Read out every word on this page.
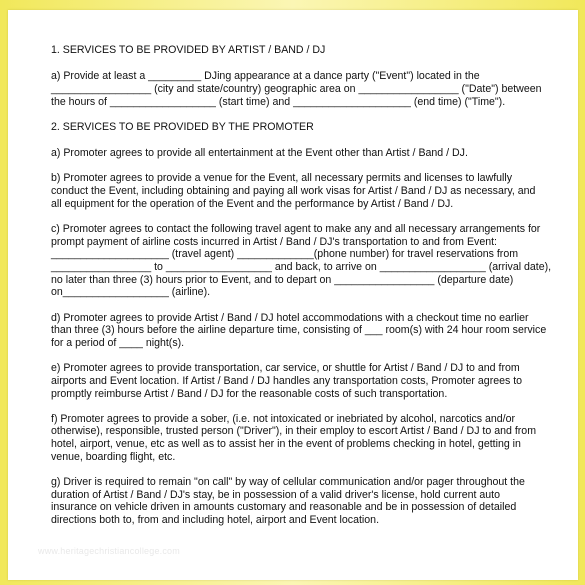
1. SERVICES TO BE PROVIDED BY ARTIST / BAND / DJ

a) Provide at least a _________ DJing appearance at a dance party ("Event") located in the
_________________ (city and state/country) geographic area on _________________ ("Date") between
the hours of __________________ (start time) and ____________________ (end time) ("Time").

2. SERVICES TO BE PROVIDED BY THE PROMOTER

a) Promoter agrees to provide all entertainment at the Event other than Artist / Band / DJ.

b) Promoter agrees to provide a venue for the Event, all necessary permits and licenses to lawfully
conduct the Event, including obtaining and paying all work visas for Artist / Band / DJ as necessary, and
all equipment for the operation of the Event and the performance by Artist / Band / DJ.

c) Promoter agrees to contact the following travel agent to make any and all necessary arrangements for
prompt payment of airline costs incurred in Artist / Band / DJ's transportation to and from Event:
____________________ (travel agent) _____________(phone number) for travel reservations from
_________________ to __________________ and back, to arrive on __________________ (arrival date),
no later than three (3) hours prior to Event, and to depart on _________________ (departure date)
on__________________ (airline).

d) Promoter agrees to provide Artist / Band / DJ hotel accommodations with a checkout time no earlier
than three (3) hours before the airline departure time, consisting of ___ room(s) with 24 hour room service
for a period of ____ night(s).

e) Promoter agrees to provide transportation, car service, or shuttle for Artist / Band / DJ to and from
airports and Event location. If Artist / Band / DJ handles any transportation costs, Promoter agrees to
promptly reimburse Artist / Band / DJ for the reasonable costs of such transportation.

f) Promoter agrees to provide a sober, (i.e. not intoxicated or inebriated by alcohol, narcotics and/or
otherwise), responsible, trusted person ("Driver"), in their employ to escort Artist / Band / DJ to and from
hotel, airport, venue, etc as well as to assist her in the event of problems checking in hotel, getting in
venue, boarding flight, etc.

g) Driver is required to remain "on call" by way of cellular communication and/or pager throughout the
duration of Artist / Band / DJ's stay, be in possession of a valid driver's license, hold current auto
insurance on vehicle driven in amounts customary and reasonable and be in possession of detailed
directions both to, from and including hotel, airport and Event location.

www.heritagechristiancollege.com
